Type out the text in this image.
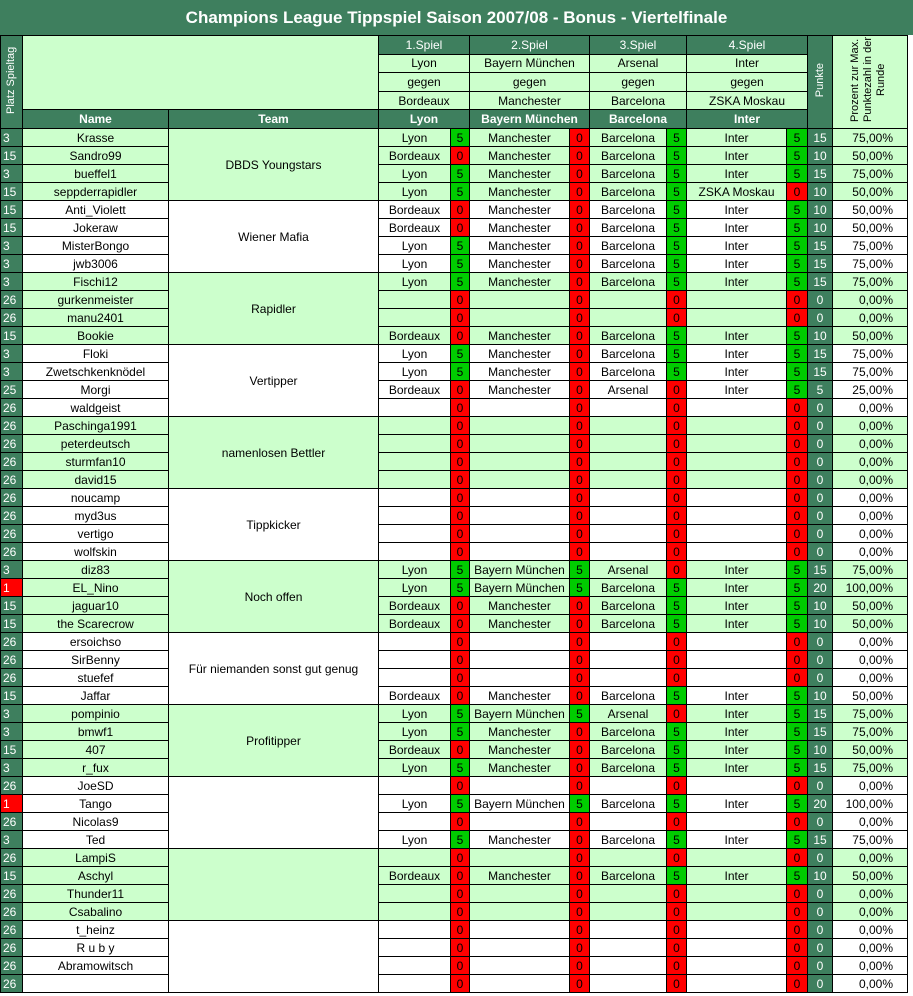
Champions League Tippspiel Saison 2007/08 - Bonus - Viertelfinale
Platz Spieltag			1.Spiel		2.Spiel		3.Spiel		4.Spiel		Punkte	Prozent zur Max. Punktezahl in der Runde
			Lyon		Bayern München		Arsenal		Inter			
			gegen		gegen		gegen		gegen			
			Bordeaux		Manchester		Barcelona		ZSKA Moskau			
	Name	Team	Lyon		Bayern München		Barcelona		Inter			
3	Krasse	DBDS Youngstars	Lyon	5	Manchester	0	Barcelona	5	Inter	5	15	75,00%
15	Sandro99		Bordeaux	0	Manchester	0	Barcelona	5	Inter	5	10	50,00%
3	bueffel1		Lyon	5	Manchester	0	Barcelona	5	Inter	5	15	75,00%
15	seppderrapidler		Lyon	5	Manchester	0	Barcelona	5	ZSKA Moskau	0	10	50,00%
15	Anti_Violett	Wiener Mafia	Bordeaux	0	Manchester	0	Barcelona	5	Inter	5	10	50,00%
15	Jokeraw		Bordeaux	0	Manchester	0	Barcelona	5	Inter	5	10	50,00%
3	MisterBongo		Lyon	5	Manchester	0	Barcelona	5	Inter	5	15	75,00%
3	jwb3006		Lyon	5	Manchester	0	Barcelona	5	Inter	5	15	75,00%
3	Fischi12	Rapidler	Lyon	5	Manchester	0	Barcelona	5	Inter	5	15	75,00%
26	gurkenmeister			0		0		0		0	0	0,00%
26	manu2401			0		0		0		0	0	0,00%
15	Bookie		Bordeaux	0	Manchester	0	Barcelona	5	Inter	5	10	50,00%
3	Floki	Vertipper	Lyon	5	Manchester	0	Barcelona	5	Inter	5	15	75,00%
3	Zwetschkenknödel		Lyon	5	Manchester	0	Barcelona	5	Inter	5	15	75,00%
25	Morgi		Bordeaux	0	Manchester	0	Arsenal	0	Inter	5	5	25,00%
26	waldgeist			0		0		0		0	0	0,00%
26	Paschinga1991	namenlosen Bettler		0		0		0		0	0	0,00%
26	peterdeutsch			0		0		0		0	0	0,00%
26	sturmfan10			0		0		0		0	0	0,00%
26	david15			0		0		0		0	0	0,00%
26	noucamp	Tippkicker		0		0		0		0	0	0,00%
26	myd3us			0		0		0		0	0	0,00%
26	vertigo			0		0		0		0	0	0,00%
26	wolfskin			0		0		0		0	0	0,00%
3	diz83	Noch offen	Lyon	5	Bayern München	5	Arsenal	0	Inter	5	15	75,00%
1	EL_Nino		Lyon	5	Bayern München	5	Barcelona	5	Inter	5	20	100,00%
15	jaguar10		Bordeaux	0	Manchester	0	Barcelona	5	Inter	5	10	50,00%
15	the Scarecrow		Bordeaux	0	Manchester	0	Barcelona	5	Inter	5	10	50,00%
26	ersoichso	Für niemanden sonst gut genug		0		0		0		0	0	0,00%
26	SirBenny			0		0		0		0	0	0,00%
26	stuefef			0		0		0		0	0	0,00%
15	Jaffar		Bordeaux	0	Manchester	0	Barcelona	5	Inter	5	10	50,00%
3	pompinio	Profitipper	Lyon	5	Bayern München	5	Arsenal	0	Inter	5	15	75,00%
3	bmwf1		Lyon	5	Manchester	0	Barcelona	5	Inter	5	15	75,00%
15	407		Bordeaux	0	Manchester	0	Barcelona	5	Inter	5	10	50,00%
3	r_fux		Lyon	5	Manchester	0	Barcelona	5	Inter	5	15	75,00%
26	JoeSD			0		0		0		0	0	0,00%
1	Tango		Lyon	5	Bayern München	5	Barcelona	5	Inter	5	20	100,00%
26	Nicolas9			0		0		0		0	0	0,00%
3	Ted		Lyon	5	Manchester	0	Barcelona	5	Inter	5	15	75,00%
26	LampiS			0		0		0		0	0	0,00%
15	Aschyl		Bordeaux	0	Manchester	0	Barcelona	5	Inter	5	10	50,00%
26	Thunder11			0		0		0		0	0	0,00%
26	Csabalino			0		0		0		0	0	0,00%
26	t_heinz			0		0		0		0	0	0,00%
26	R u b y			0		0		0		0	0	0,00%
26	Abramowitsch			0		0		0		0	0	0,00%
26				0		0		0		0	0	0,00%
